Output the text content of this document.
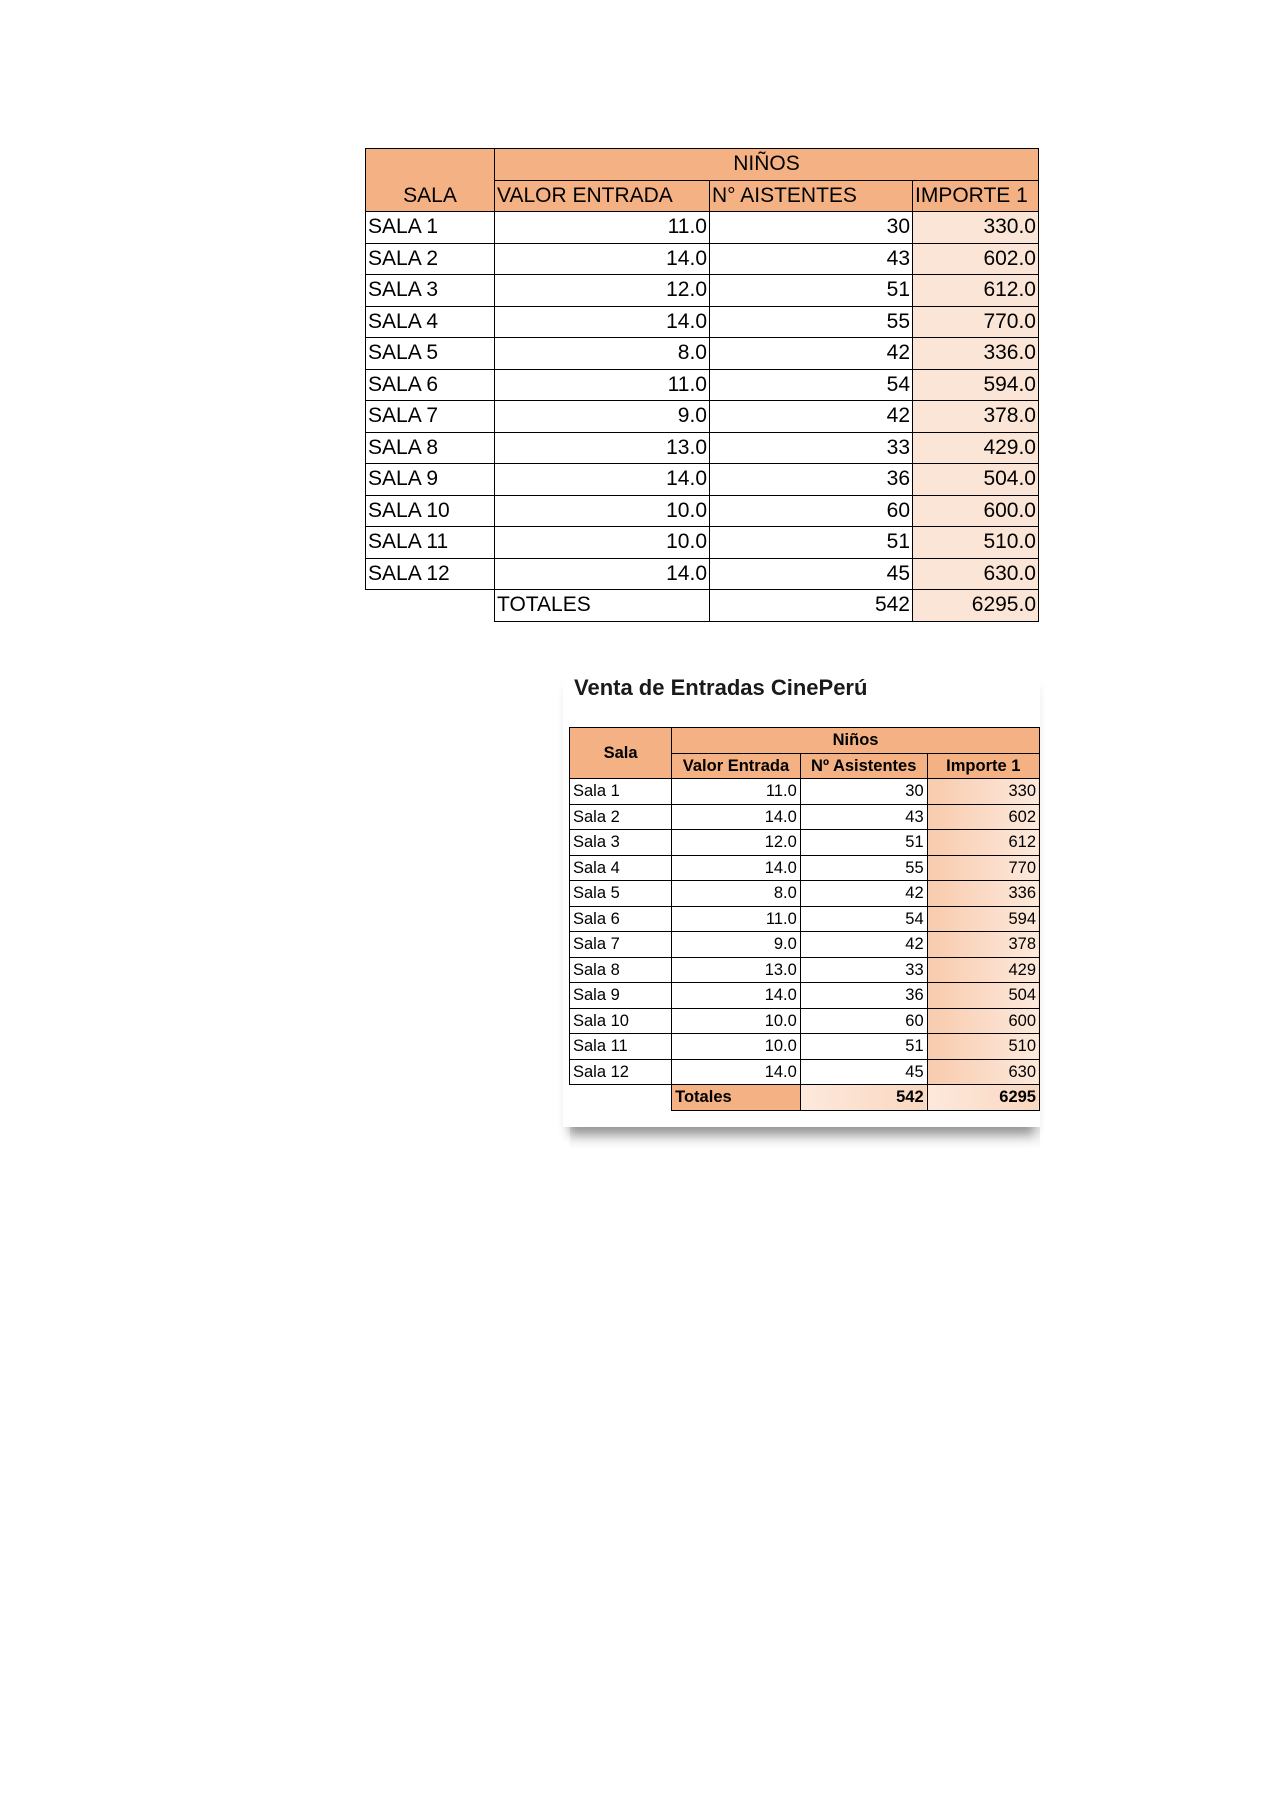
SALA	NIÑOS		
	VALOR ENTRADA	N° AISTENTES	IMPORTE 1
SALA 1	11.0	30	330.0
SALA 2	14.0	43	602.0
SALA 3	12.0	51	612.0
SALA 4	14.0	55	770.0
SALA 5	8.0	42	336.0
SALA 6	11.0	54	594.0
SALA 7	9.0	42	378.0
SALA 8	13.0	33	429.0
SALA 9	14.0	36	504.0
SALA 10	10.0	60	600.0
SALA 11	10.0	51	510.0
SALA 12	14.0	45	630.0
	TOTALES	542	6295.0
Venta de Entradas CinePerú
Sala	Niños		
	Valor Entrada	Nº Asistentes	Importe 1
Sala 1	11.0	30	330
Sala 2	14.0	43	602
Sala 3	12.0	51	612
Sala 4	14.0	55	770
Sala 5	8.0	42	336
Sala 6	11.0	54	594
Sala 7	9.0	42	378
Sala 8	13.0	33	429
Sala 9	14.0	36	504
Sala 10	10.0	60	600
Sala 11	10.0	51	510
Sala 12	14.0	45	630
	Totales	542	6295
